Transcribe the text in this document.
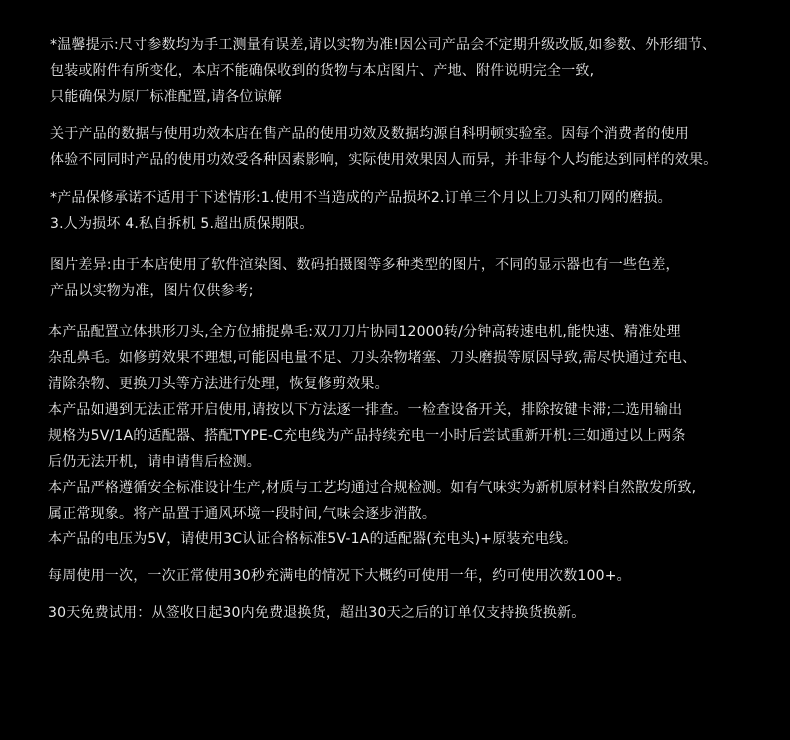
*温馨提示:尺寸参数均为手工测量有误差,请以实物为准!因公司产品会不定期升级改版,如参数、外形细节、
包装或附件有所变化，本店不能确保收到的货物与本店图片、产地、附件说明完全一致,
只能确保为原厂标准配置,请各位谅解
关于产品的数据与使用功效本店在售产品的使用功效及数据均源自科明顿实验室。因每个消费者的使用
体验不同同时产品的使用功效受各种因素影响，实际使用效果因人而异，并非每个人均能达到同样的效果。
*产品保修承诺不适用于下述情形:1.使用不当造成的产品损坏2.订单三个月以上刀头和刀网的磨损。
3.人为损坏 4.私自拆机 5.超出质保期限。
图片差异:由于本店使用了软件渲染图、数码拍摄图等多种类型的图片，不同的显示器也有一些色差，
产品以实物为准，图片仅供参考;
本产品配置立体拱形刀头,全方位捕捉鼻毛:双刀刀片协同12000转/分钟高转速电机,能快速、精准处理
杂乱鼻毛。如修剪效果不理想,可能因电量不足、刀头杂物堵塞、刀头磨损等原因导致,需尽快通过充电、
清除杂物、更换刀头等方法进行处理，恢复修剪效果。
本产品如遇到无法正常开启使用,请按以下方法逐一排查。一检查设备开关，排除按键卡滞;二选用输出
规格为5V/1A的适配器、搭配TYPE-C充电线为产品持续充电一小时后尝试重新开机:三如通过以上两条
后仍无法开机，请申请售后检测。
本产品严格遵循安全标准设计生产,材质与工艺均通过合规检测。如有气味实为新机原材料自然散发所致,
属正常现象。将产品置于通风环境一段时间,气味会逐步消散。
本产品的电压为5V，请使用3C认证合格标准5V-1A的适配器(充电头)+原装充电线。
每周使用一次，一次正常使用30秒充满电的情况下大概约可使用一年，约可使用次数100+。
30天免费试用：从签收日起30内免费退换货，超出30天之后的订单仅支持换货换新。
